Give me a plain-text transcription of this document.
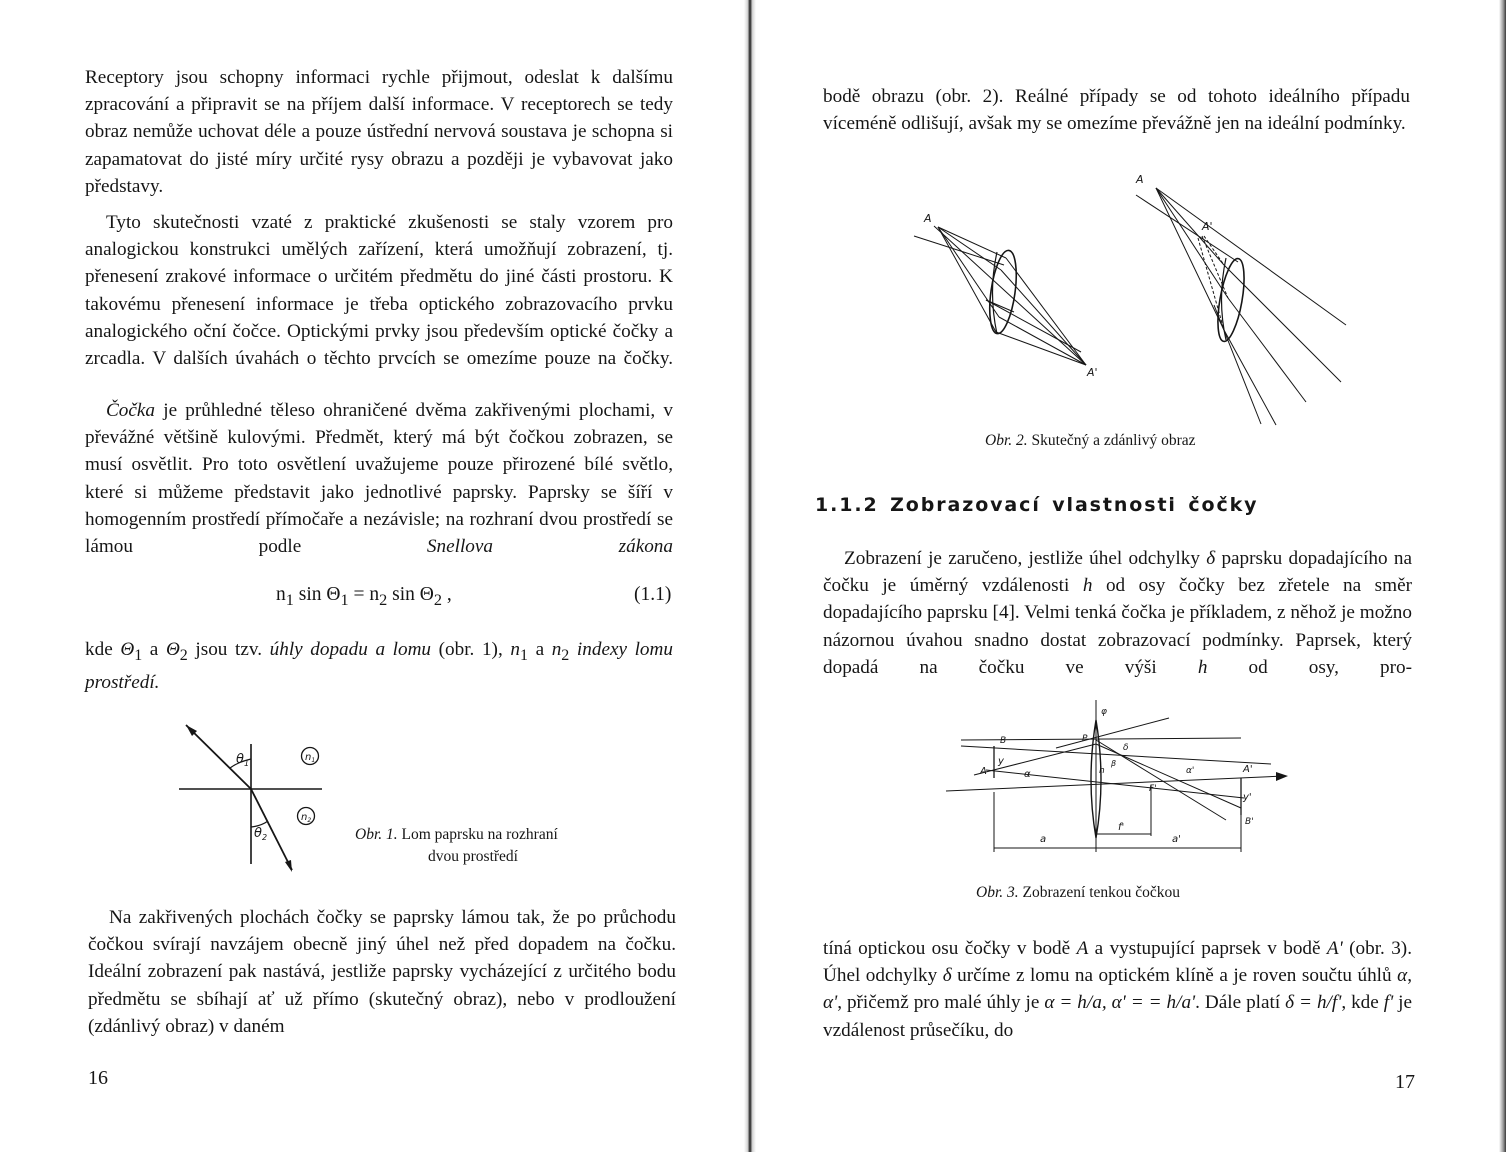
Receptory jsou schopny informaci rychle přijmout, odeslat k dalšímu zpracování a připravit se na příjem další informace. V receptorech se tedy obraz nemůže uchovat déle a pouze ústřední nervová soustava je schopna si zapamatovat do jisté míry určité rysy obrazu a později je vybavovat jako představy.

Tyto skutečnosti vzaté z praktické zkušenosti se staly vzorem pro analogickou konstrukci umělých zařízení, která umožňují zobrazení, tj. přenesení zrakové informace o určitém předmětu do jiné části prostoru. K takovému přenesení informace je třeba optického zobrazovacího prvku analogického oční čočce. Optickými prvky jsou především optické čočky a zrcadla. V dalších úvahách o těchto prvcích se omezíme pouze na čočky.

Čočka je průhledné těleso ohraničené dvěma zakřivenými plochami, v převážné většině kulovými. Předmět, který má být čočkou zobrazen, se musí osvětlit. Pro toto osvětlení uvažujeme pouze přirozené bílé světlo, které si můžeme představit jako jednotlivé paprsky. Paprsky se šíří v homogenním prostředí přímočaře a nezávisle; na rozhraní dvou prostředí se lámou podle Snellova zákona

$n_1$ $\sin \Theta_1 = n_2$ $\sin \Theta_2$ ,	(1.1)

kde $\Theta_1$ a $\Theta_2$ jsou tzv. úhly dopadu a lomu (obr. 1), $n_1$ a $n_2$ indexy lomu prostředí.

$\theta_1$
$\theta_2$
$n_1$
$n_2$
Obr. 1. Lom paprsku na rozhraní
dvou prostředí

Na zakřivených plochách čočky se paprsky lámou tak, že po průchodu čočkou svírají navzájem obecně jiný úhel než před dopadem na čočku. Ideální zobrazení pak nastává, jestliže paprsky vycházející z určitého bodu předmětu se sbíhají ať už přímo (skutečný obraz), nebo v prodloužení (zdánlivý obraz) v daném

16

bodě obrazu (obr. 2). Reálné případy se od tohoto ideálního případu víceméně odlišují, avšak my se omezíme převážně jen na ideální podmínky.

A
A'
A
A'
Obr. 2. Skutečný a zdánlivý obraz
1.1.2 Zobrazovací vlastnosti čočky

Zobrazení je zaručeno, jestliže úhel odchylky δ paprsku dopadajícího na čočku je úměrný vzdálenosti h od osy čočky bez zřetele na směr dopadajícího paprsku [4]. Velmi tenká čočka je příkladem, z něhož je možno názornou úvahou snadno dostat zobrazovací podmínky. Paprsek, který dopadá na čočku ve výši h od osy, pro-

B
A
y
α
P
φ
δ
h
β
F'
α'	A'
y'
B'
a
f'
a'
Obr. 3. Zobrazení tenkou čočkou

tíná optickou osu čočky v bodě A a vystupující paprsek v bodě A' (obr. 3). Úhel odchylky δ určíme z lomu na optickém klíně a je roven součtu úhlů α, α', přičemž pro malé úhly je α = h/a, α' = = h/a'. Dále platí δ = h/f', kde f' je vzdálenost průsečíku, do

17
